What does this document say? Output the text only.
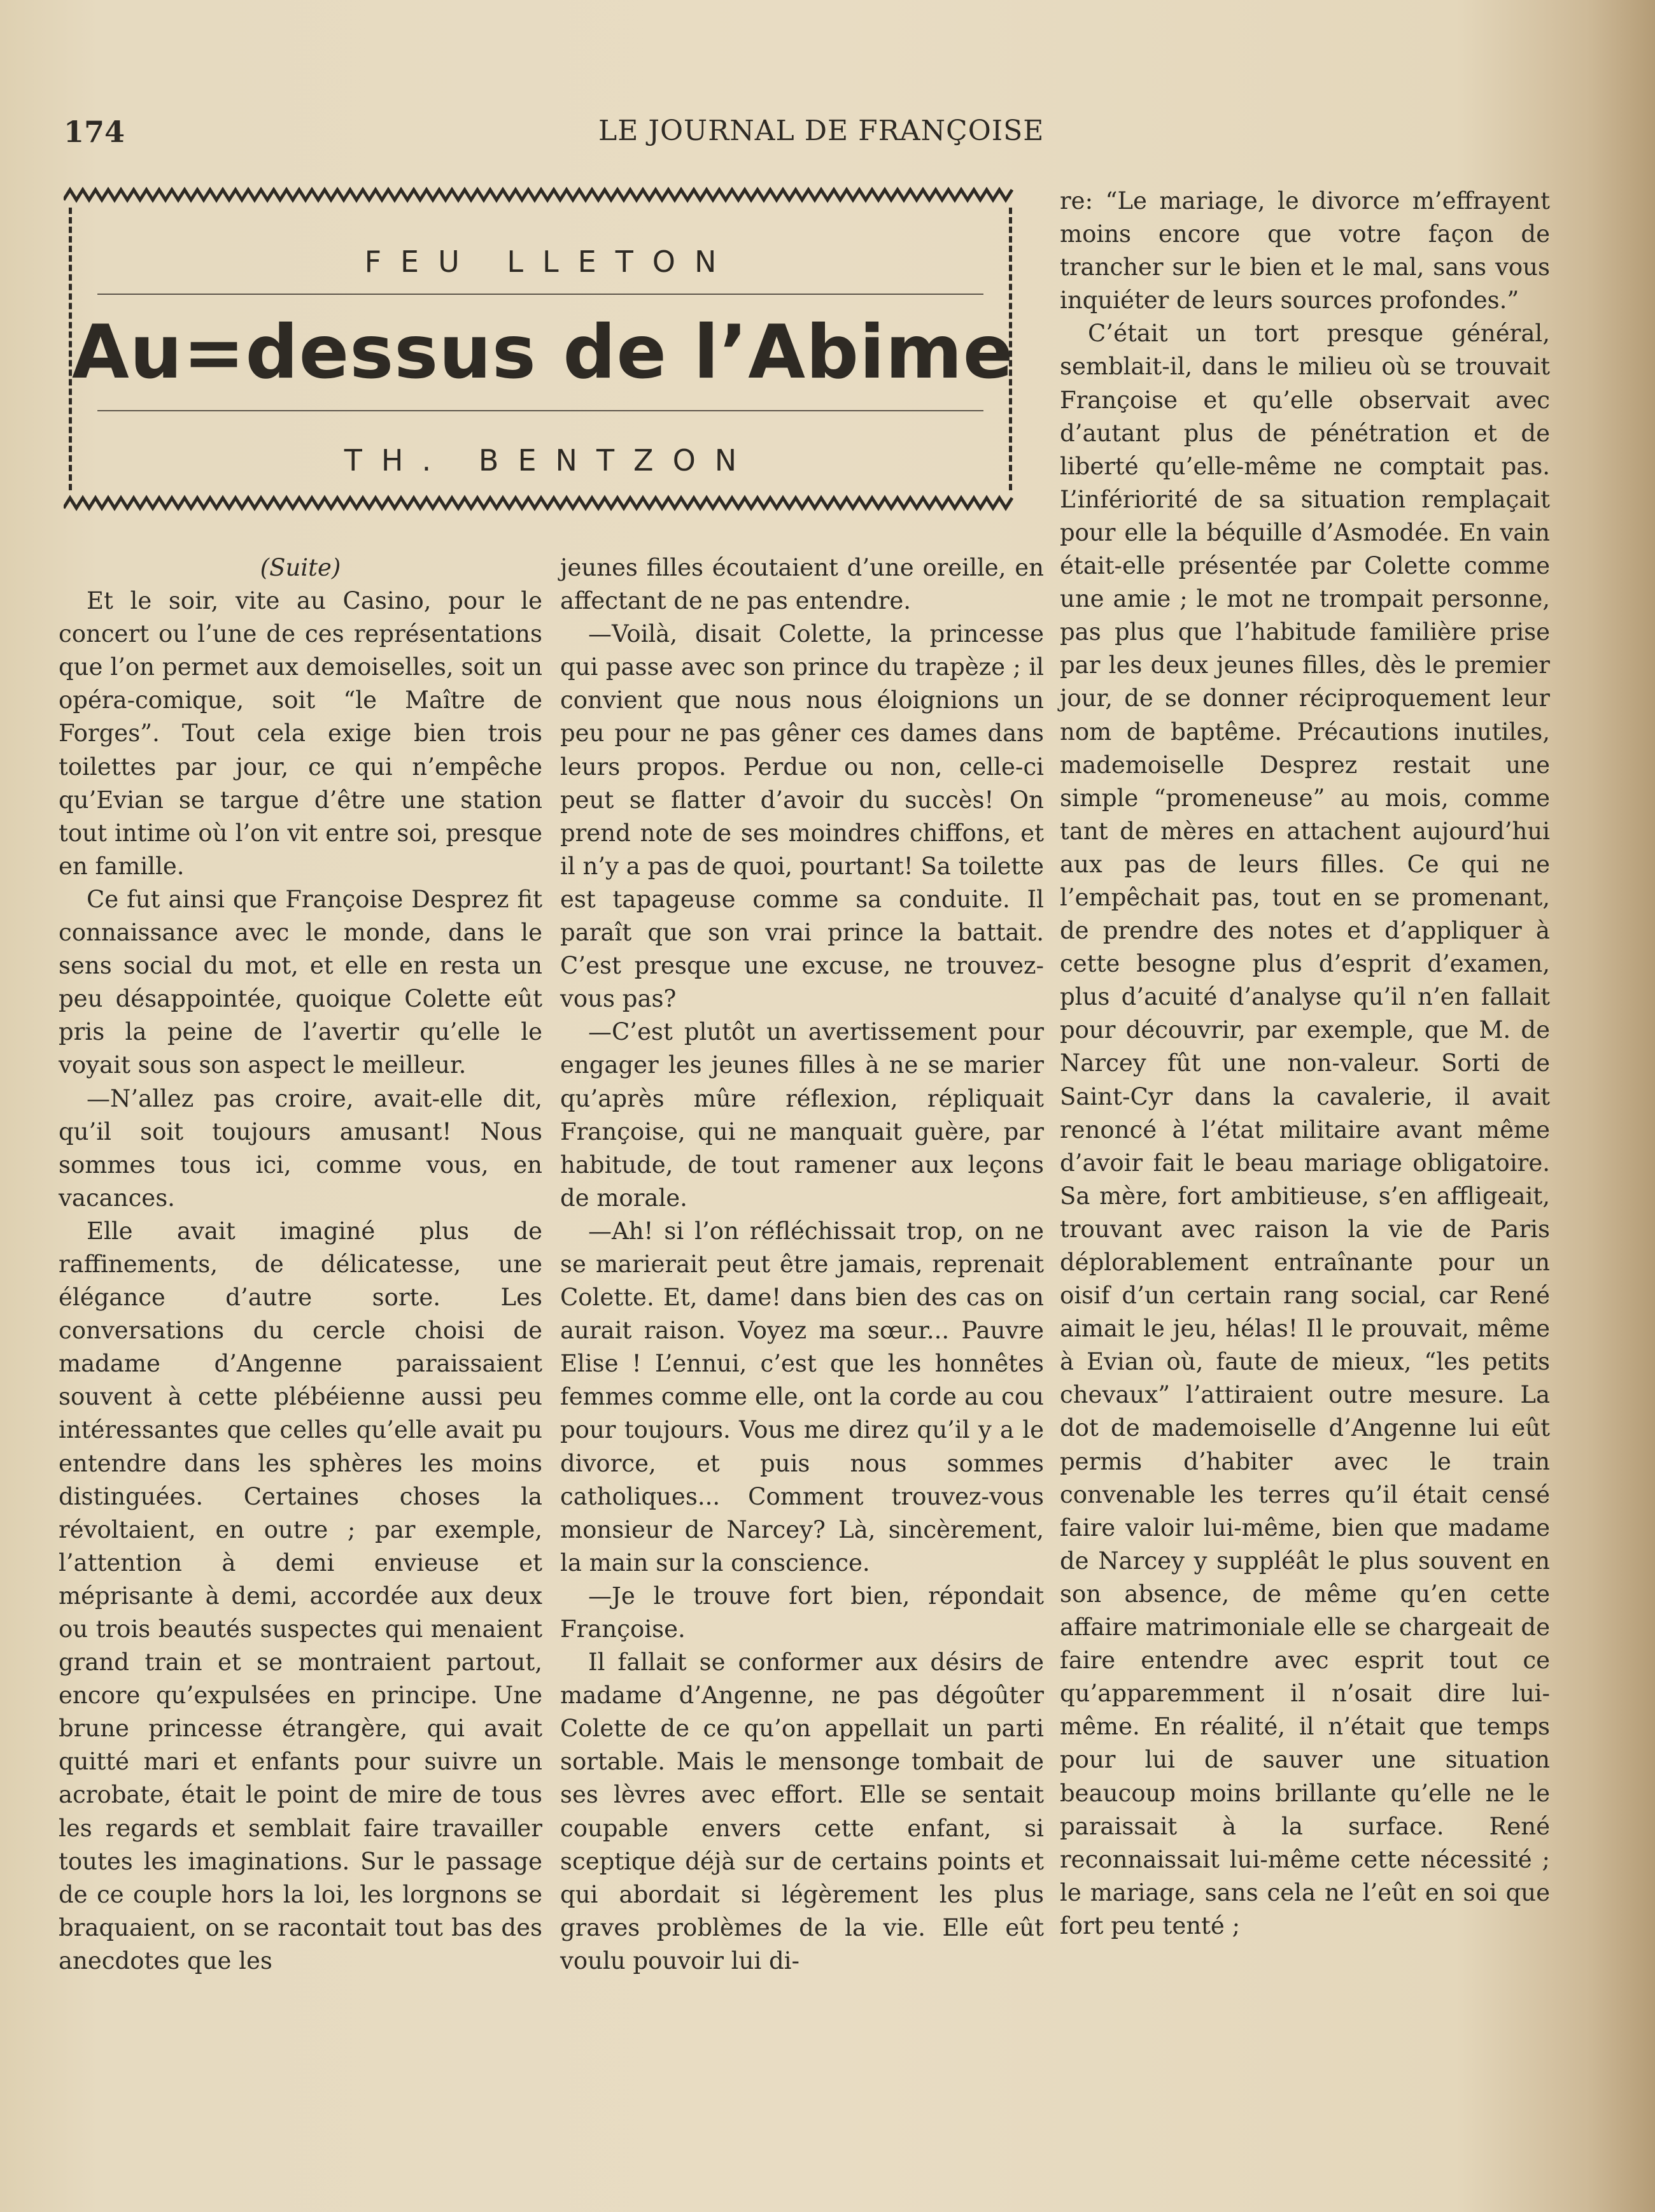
174	LE JOURNAL DE FRANÇOISE
FEU LLETON
Au=dessus de l’Abime
TH. BENTZON

(Suite)

Et le soir, vite au Casino, pour le concert ou l’une de ces représentations que l’on permet aux demoiselles, soit un opéra-comique, soit “le Maître de Forges”. Tout cela exige bien trois toilettes par jour, ce qui n’empêche qu’Evian se targue d’être une station tout intime où l’on vit entre soi, presque en famille.

Ce fut ainsi que Françoise Desprez fit connaissance avec le monde, dans le sens social du mot, et elle en resta un peu désappointée, quoique Colette eût pris la peine de l’avertir qu’elle le voyait sous son aspect le meilleur.

—N’allez pas croire, avait-elle dit, qu’il soit toujours amusant! Nous sommes tous ici, comme vous, en vacances.

Elle avait imaginé plus de raffinements, de délicatesse, une élégance d’autre sorte. Les conversations du cercle choisi de madame d’Angenne paraissaient souvent à cette plébéienne aussi peu intéressantes que celles qu’elle avait pu entendre dans les sphères les moins distinguées. Certaines choses la révoltaient, en outre ; par exemple, l’attention à demi envieuse et méprisante à demi, accordée aux deux ou trois beautés suspectes qui menaient grand train et se montraient partout, encore qu’expulsées en principe. Une brune princesse étrangère, qui avait quitté mari et enfants pour suivre un acrobate, était le point de mire de tous les regards et semblait faire travailler toutes les imaginations. Sur le passage de ce couple hors la loi, les lorgnons se braquaient, on se racontait tout bas des anecdotes que les

jeunes filles écoutaient d’une oreille, en affectant de ne pas entendre.

—Voilà, disait Colette, la princesse qui passe avec son prince du trapèze ; il convient que nous nous éloignions un peu pour ne pas gêner ces dames dans leurs propos. Perdue ou non, celle-ci peut se flatter d’avoir du succès! On prend note de ses moindres chiffons, et il n’y a pas de quoi, pourtant! Sa toilette est tapageuse comme sa conduite. Il paraît que son vrai prince la battait. C’est presque une excuse, ne trouvez-vous pas?

—C’est plutôt un avertissement pour engager les jeunes filles à ne se marier qu’après mûre réflexion, répliquait Françoise, qui ne manquait guère, par habitude, de tout ramener aux leçons de morale.

—Ah! si l’on réfléchissait trop, on ne se marierait peut être jamais, reprenait Colette. Et, dame! dans bien des cas on aurait raison. Voyez ma sœur... Pauvre Elise ! L’ennui, c’est que les honnêtes femmes comme elle, ont la corde au cou pour toujours. Vous me direz qu’il y a le divorce, et puis nous sommes catholiques... Comment trouvez-vous monsieur de Narcey? Là, sincèrement, la main sur la conscience.

—Je le trouve fort bien, répondait Françoise.

Il fallait se conformer aux désirs de madame d’Angenne, ne pas dégoûter Colette de ce qu’on appellait un parti sortable. Mais le mensonge tombait de ses lèvres avec effort. Elle se sentait coupable envers cette enfant, si sceptique déjà sur de certains points et qui abordait si légèrement les plus graves problèmes de la vie. Elle eût voulu pouvoir lui di-

re: “Le mariage, le divorce m’effrayent moins encore que votre façon de trancher sur le bien et le mal, sans vous inquiéter de leurs sources profondes.”

C’était un tort presque général, semblait-il, dans le milieu où se trouvait Françoise et qu’elle observait avec d’autant plus de pénétration et de liberté qu’elle-même ne comptait pas. L’infériorité de sa situation remplaçait pour elle la béquille d’Asmodée. En vain était-elle présentée par Colette comme une amie ; le mot ne trompait personne, pas plus que l’habitude familière prise par les deux jeunes filles, dès le premier jour, de se donner réciproquement leur nom de baptême. Précautions inutiles, mademoiselle Desprez restait une simple “promeneuse” au mois, comme tant de mères en attachent aujourd’hui aux pas de leurs filles. Ce qui ne l’empêchait pas, tout en se promenant, de prendre des notes et d’appliquer à cette besogne plus d’esprit d’examen, plus d’acuité d’analyse qu’il n’en fallait pour découvrir, par exemple, que M. de Narcey fût une non-valeur. Sorti de Saint-Cyr dans la cavalerie, il avait renoncé à l’état militaire avant même d’avoir fait le beau mariage obligatoire. Sa mère, fort ambitieuse, s’en affligeait, trouvant avec raison la vie de Paris déplorablement entraînante pour un oisif d’un certain rang social, car René aimait le jeu, hélas! Il le prouvait, même à Evian où, faute de mieux, “les petits chevaux” l’attiraient outre mesure. La dot de mademoiselle d’Angenne lui eût permis d’habiter avec le train convenable les terres qu’il était censé faire valoir lui-même, bien que madame de Narcey y suppléât le plus souvent en son absence, de même qu’en cette affaire matrimoniale elle se chargeait de faire entendre avec esprit tout ce qu’apparemment il n’osait dire lui-même. En réalité, il n’était que temps pour lui de sauver une situation beaucoup moins brillante qu’elle ne le paraissait à la surface. René reconnaissait lui-même cette nécessité ; le mariage, sans cela ne l’eût en soi que fort peu tenté ;
